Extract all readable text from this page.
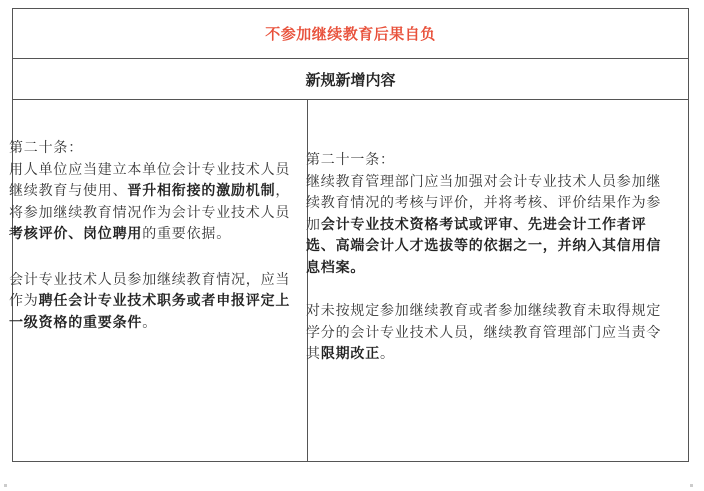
不参加继续教育后果自负
新规新增内容

第二十条：

用人单位应当建立本单位会计专业技术人员继续教育与使用、晋升相衔接的激励机制，将参加继续教育情况作为会计专业技术人员考核评价、岗位聘用的重要依据。

会计专业技术人员参加继续教育情况，应当作为聘任会计专业技术职务或者申报评定上一级资格的重要条件。

第二十一条：

继续教育管理部门应当加强对会计专业技术人员参加继续教育情况的考核与评价，并将考核、评价结果作为参加会计专业技术资格考试或评审、先进会计工作者评选、高端会计人才选拔等的依据之一，并纳入其信用信息档案。

对未按规定参加继续教育或者参加继续教育未取得规定学分的会计专业技术人员，继续教育管理部门应当责令其限期改正。
